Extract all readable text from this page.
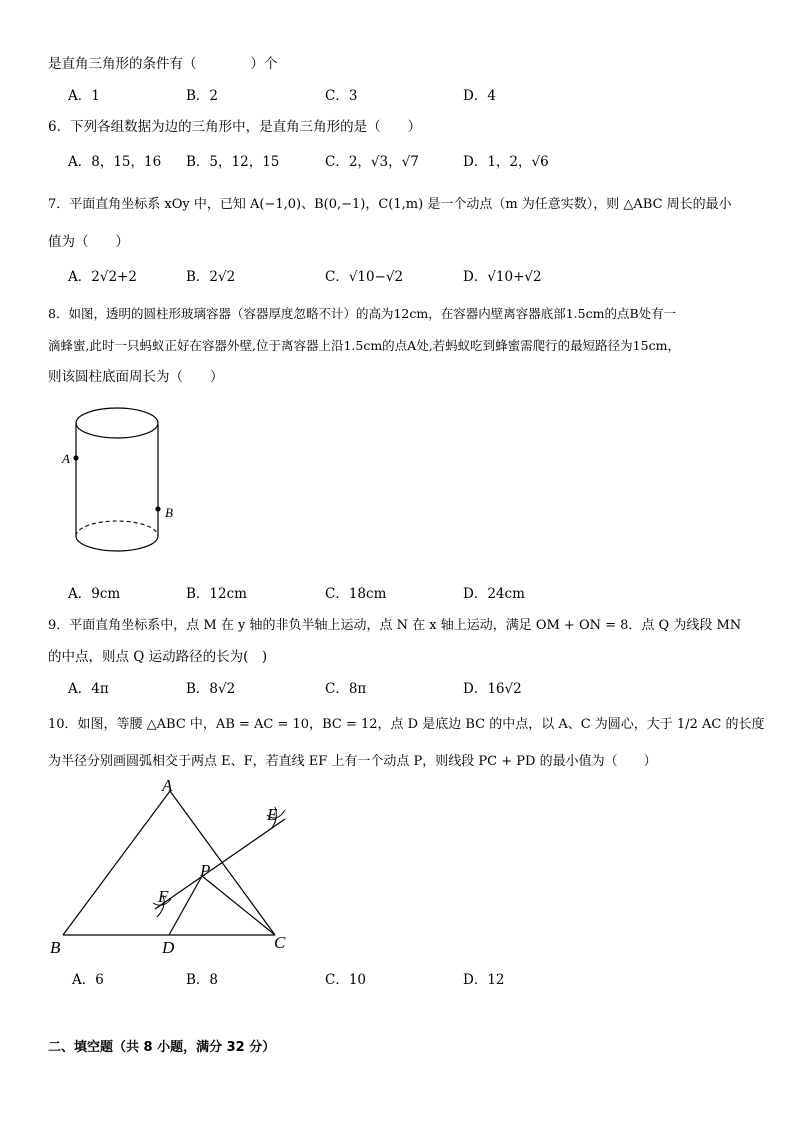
是直角三角形的条件有（　　　　）个
A．1	B．2	C．3	D．4
6．下列各组数据为边的三角形中，是直角三角形的是（　　）
A．8，15，16 B．5，12，15	C．2，√3，√7	D．1，2，√6
7．平面直角坐标系 xOy 中，已知 A(−1,0)、B(0,−1)，C(1,m) 是一个动点（m 为任意实数），则 △ABC 周长的最小
值为（　　）
A．2√2+2	B．2√2	C．√10−√2	D．√10+√2
8．如图，透明的圆柱形玻璃容器（容器厚度忽略不计）的高为12cm，在容器内壁离容器底部1.5cm的点B处有一
滴蜂蜜,此时一只蚂蚁正好在容器外壁,位于离容器上沿1.5cm的点A处,若蚂蚁吃到蜂蜜需爬行的最短路径为15cm，
则该圆柱底面周长为（　　）
A
B
A．9cm	B．12cm	C．18cm	D．24cm
9．平面直角坐标系中，点 M 在 y 轴的非负半轴上运动，点 N 在 x 轴上运动，满足 OM + ON = 8．点 Q 为线段 MN
的中点，则点 Q 运动路径的长为(　)
A．4π	B．8√2	C．8π	D．16√2
10．如图，等腰 △ABC 中，AB = AC = 10，BC = 12，点 D 是底边 BC 的中点，以 A、C 为圆心，大于 1/2 AC 的长度
为半径分别画圆弧相交于两点 E、F，若直线 EF 上有一个动点 P，则线段 PC + PD 的最小值为（　　）
A
B	C
D
E
F
P
A．6	B．8	C．10	D．12
二、填空题（共 8 小题，满分 32 分）
